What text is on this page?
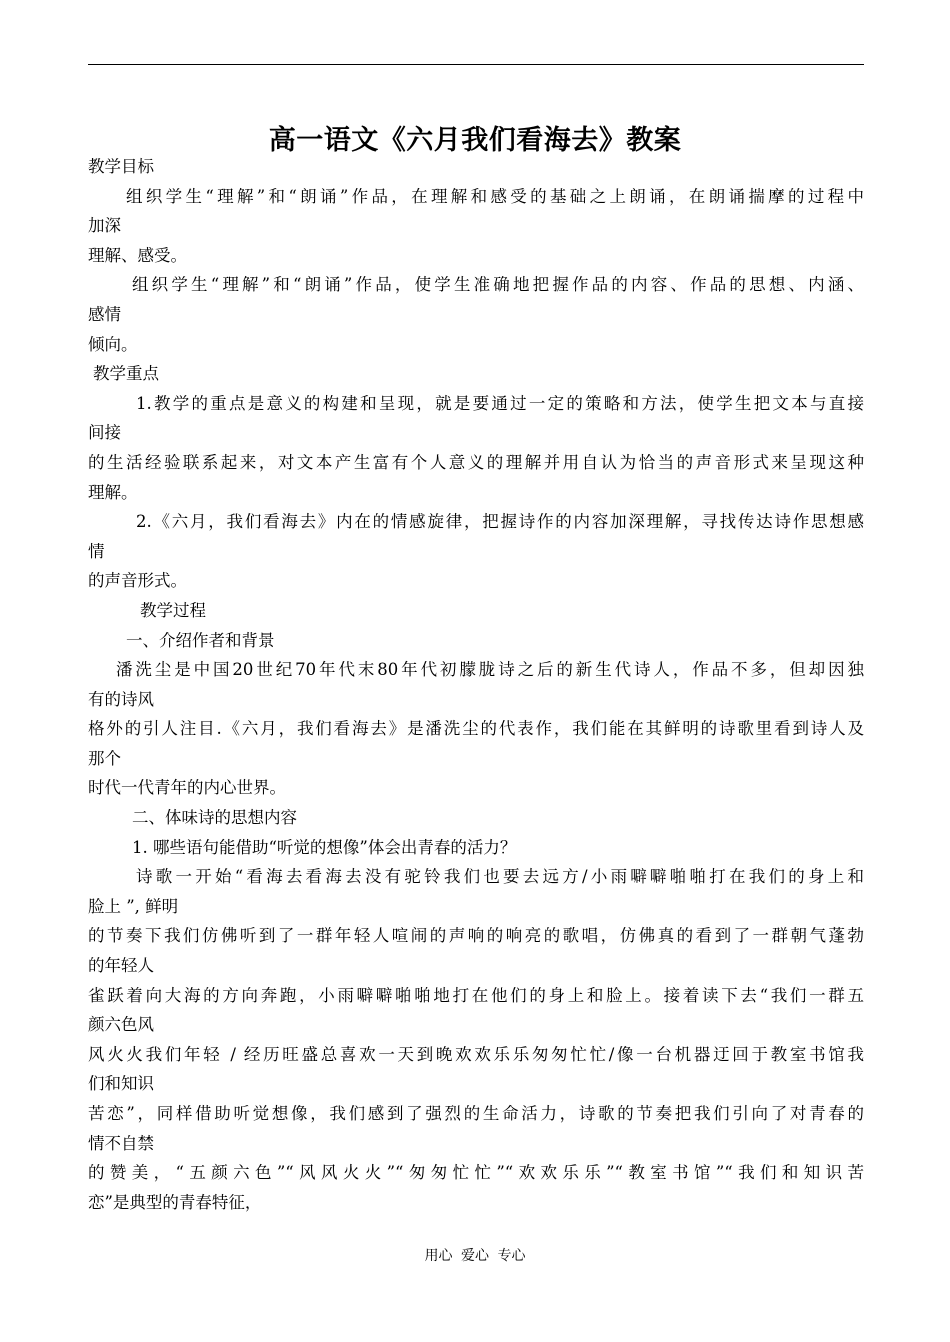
高一语文《六月我们看海去》教案
教学目标
组织学生“理解”和“朗诵”作品，在理解和感受的基础之上朗诵，在朗诵揣摩的过程中
加深
理解、感受。
组织学生“理解”和“朗诵”作品，使学生准确地把握作品的内容、作品的思想、内涵、
感情
倾向。
教学重点
1.教学的重点是意义的构建和呈现，就是要通过一定的策略和方法，使学生把文本与直接
间接
的生活经验联系起来，对文本产生富有个人意义的理解并用自认为恰当的声音形式来呈现这种
理解。
2.《六月，我们看海去》内在的情感旋律，把握诗作的内容加深理解，寻找传达诗作思想感
情
的声音形式。
教学过程
一、介绍作者和背景
潘洗尘是中国20世纪70年代末80年代初朦胧诗之后的新生代诗人，作品不多，但却因独
有的诗风
格外的引人注目.《六月，我们看海去》是潘洗尘的代表作，我们能在其鲜明的诗歌里看到诗人及
那个
时代一代青年的内心世界。
二、体味诗的思想内容
1. 哪些语句能借助“听觉的想像”体会出青春的活力？
诗歌一开始“看海去看海去没有驼铃我们也要去远方/小雨噼噼啪啪打在我们的身上和
脸上 ”, 鲜明
的节奏下我们仿佛听到了一群年轻人喧闹的声响的响亮的歌唱，仿佛真的看到了一群朝气蓬勃
的年轻人
雀跃着向大海的方向奔跑，小雨噼噼啪啪地打在他们的身上和脸上。接着读下去“我们一群五
颜六色风
风火火我们年轻 / 经历旺盛总喜欢一天到晚欢欢乐乐匆匆忙忙/像一台机器迂回于教室书馆我
们和知识
苦恋”，同样借助听觉想像，我们感到了强烈的生命活力，诗歌的节奏把我们引向了对青春的
情不自禁
的赞美，“五颜六色”“风风火火”“匆匆忙忙”“欢欢乐乐”“教室书馆”“我们和知识苦
恋”是典型的青春特征，
用心 爱心 专心
